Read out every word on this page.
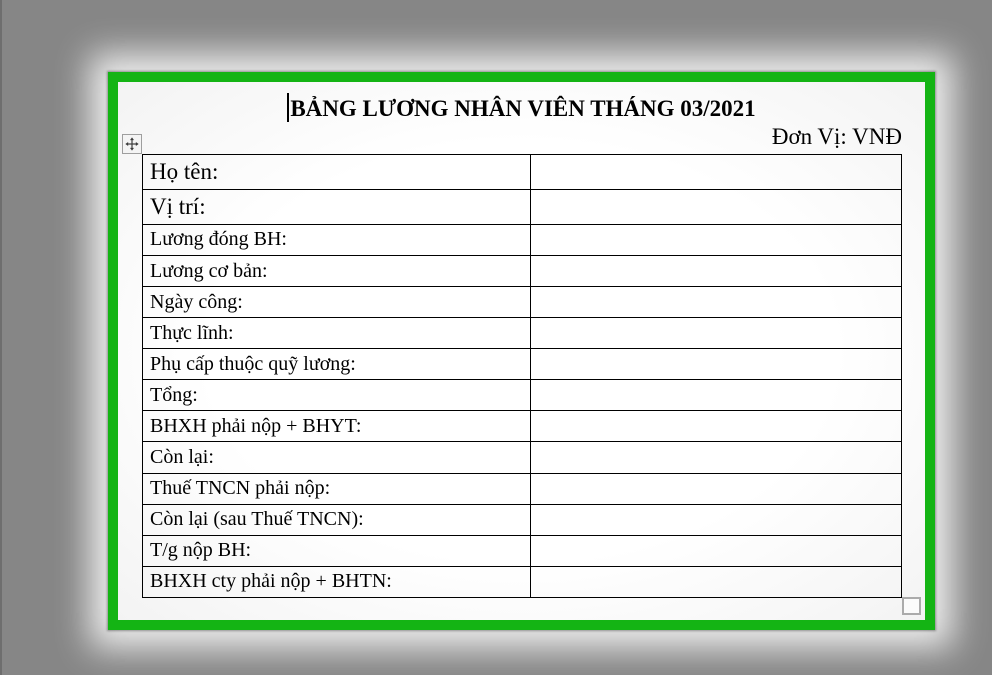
BẢNG LƯƠNG NHÂN VIÊN THÁNG 03/2021
Đơn Vị: VNĐ
Họ tên:	
Vị trí:	
Lương đóng BH:	
Lương cơ bản:	
Ngày công:	
Thực lĩnh:	
Phụ cấp thuộc quỹ lương:	
Tổng:	
BHXH phải nộp + BHYT:	
Còn lại:	
Thuế TNCN phải nộp:	
Còn lại (sau Thuế TNCN):	
T/g nộp BH:	
BHXH cty phải nộp + BHTN:	
